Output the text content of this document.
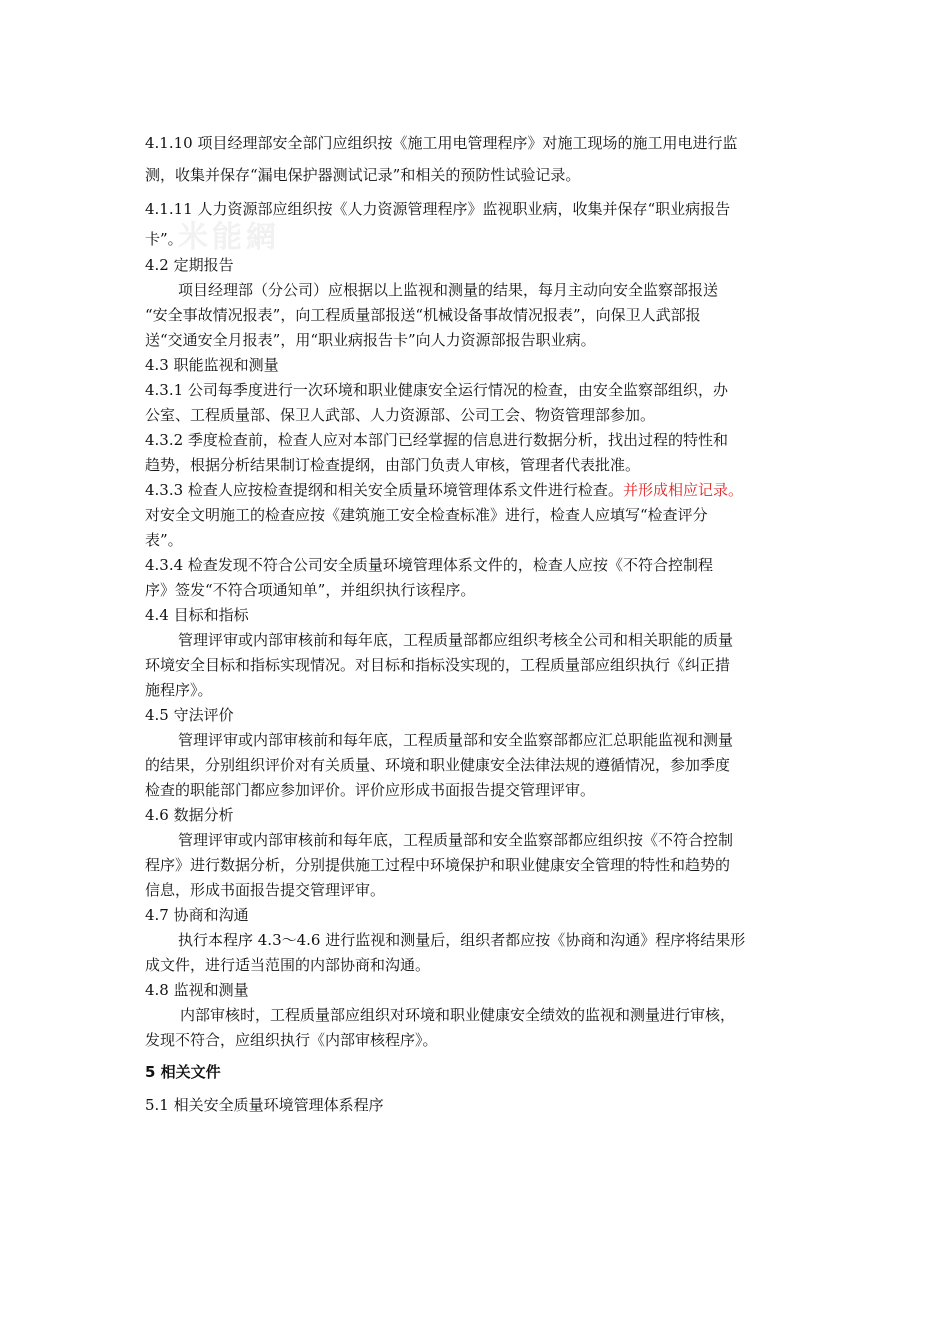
米能網
4.1.10 项目经理部安全部门应组织按《施工用电管理程序》对施工现场的施工用电进行监
测，收集并保存“漏电保护器测试记录”和相关的预防性试验记录。
4.1.11 人力资源部应组织按《人力资源管理程序》监视职业病，收集并保存“职业病报告
卡”。
4.2 定期报告
项目经理部（分公司）应根据以上监视和测量的结果，每月主动向安全监察部报送
“安全事故情况报表”，向工程质量部报送“机械设备事故情况报表”，向保卫人武部报
送“交通安全月报表”，用“职业病报告卡”向人力资源部报告职业病。
4.3 职能监视和测量
4.3.1 公司每季度进行一次环境和职业健康安全运行情况的检查，由安全监察部组织，办
公室、工程质量部、保卫人武部、人力资源部、公司工会、物资管理部参加。
4.3.2 季度检查前，检查人应对本部门已经掌握的信息进行数据分析，找出过程的特性和
趋势，根据分析结果制订检查提纲，由部门负责人审核，管理者代表批准。
4.3.3 检查人应按检查提纲和相关安全质量环境管理体系文件进行检查。并形成相应记录。
对安全文明施工的检查应按《建筑施工安全检查标准》进行，检查人应填写“检查评分
表”。
4.3.4 检查发现不符合公司安全质量环境管理体系文件的，检查人应按《不符合控制程
序》签发“不符合项通知单”，并组织执行该程序。
4.4 目标和指标
管理评审或内部审核前和每年底，工程质量部都应组织考核全公司和相关职能的质量
环境安全目标和指标实现情况。对目标和指标没实现的，工程质量部应组织执行《纠正措
施程序》。
4.5 守法评价
管理评审或内部审核前和每年底，工程质量部和安全监察部都应汇总职能监视和测量
的结果，分别组织评价对有关质量、环境和职业健康安全法律法规的遵循情况，参加季度
检查的职能部门都应参加评价。评价应形成书面报告提交管理评审。
4.6 数据分析
管理评审或内部审核前和每年底，工程质量部和安全监察部都应组织按《不符合控制
程序》进行数据分析，分别提供施工过程中环境保护和职业健康安全管理的特性和趋势的
信息，形成书面报告提交管理评审。
4.7 协商和沟通
执行本程序 4.3～4.6 进行监视和测量后，组织者都应按《协商和沟通》程序将结果形
成文件，进行适当范围的内部协商和沟通。
4.8 监视和测量
内部审核时，工程质量部应组织对环境和职业健康安全绩效的监视和测量进行审核，
发现不符合，应组织执行《内部审核程序》。
5 相关文件
5.1 相关安全质量环境管理体系程序
